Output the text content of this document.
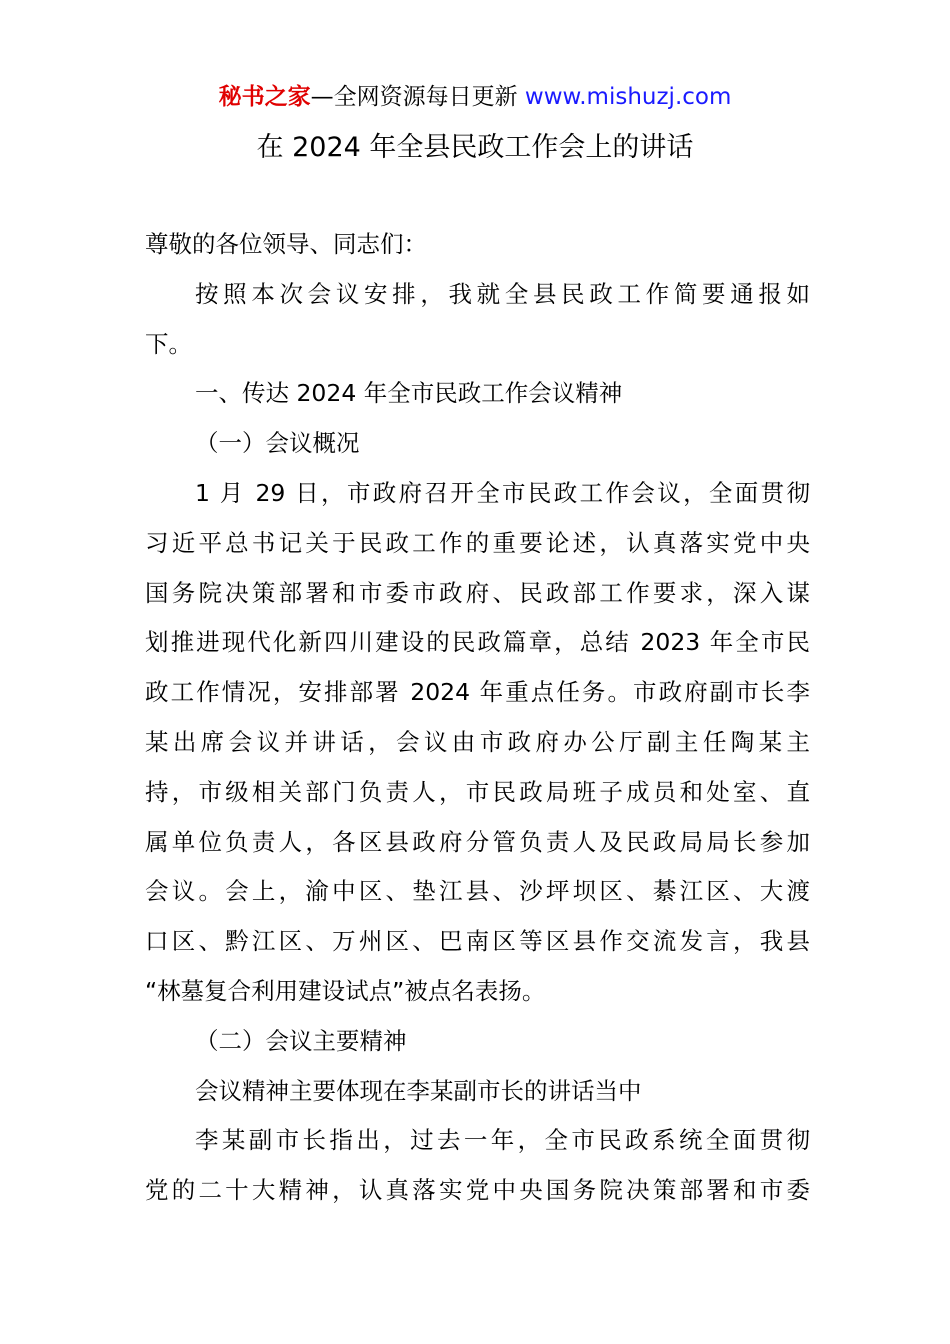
秘书之家—全网资源每日更新 www.mishuzj.com
在 2024 年全县民政工作会上的讲话

尊敬的各位领导、同志们：

按照本次会议安排，我就全县民政工作简要通报如
下。

一、传达 2024 年全市民政工作会议精神

（一）会议概况

1 月 29 日，市政府召开全市民政工作会议，全面贯彻
习近平总书记关于民政工作的重要论述，认真落实党中央
国务院决策部署和市委市政府、民政部工作要求，深入谋
划推进现代化新四川建设的民政篇章，总结 2023 年全市民
政工作情况，安排部署 2024 年重点任务。市政府副市长李
某出席会议并讲话，会议由市政府办公厅副主任陶某主
持，市级相关部门负责人，市民政局班子成员和处室、直
属单位负责人，各区县政府分管负责人及民政局局长参加
会议。会上，渝中区、垫江县、沙坪坝区、綦江区、大渡
口区、黔江区、万州区、巴南区等区县作交流发言，我县
“林墓复合利用建设试点”被点名表扬。

（二）会议主要精神

会议精神主要体现在李某副市长的讲话当中

李某副市长指出，过去一年，全市民政系统全面贯彻
党的二十大精神，认真落实党中央国务院决策部署和市委
